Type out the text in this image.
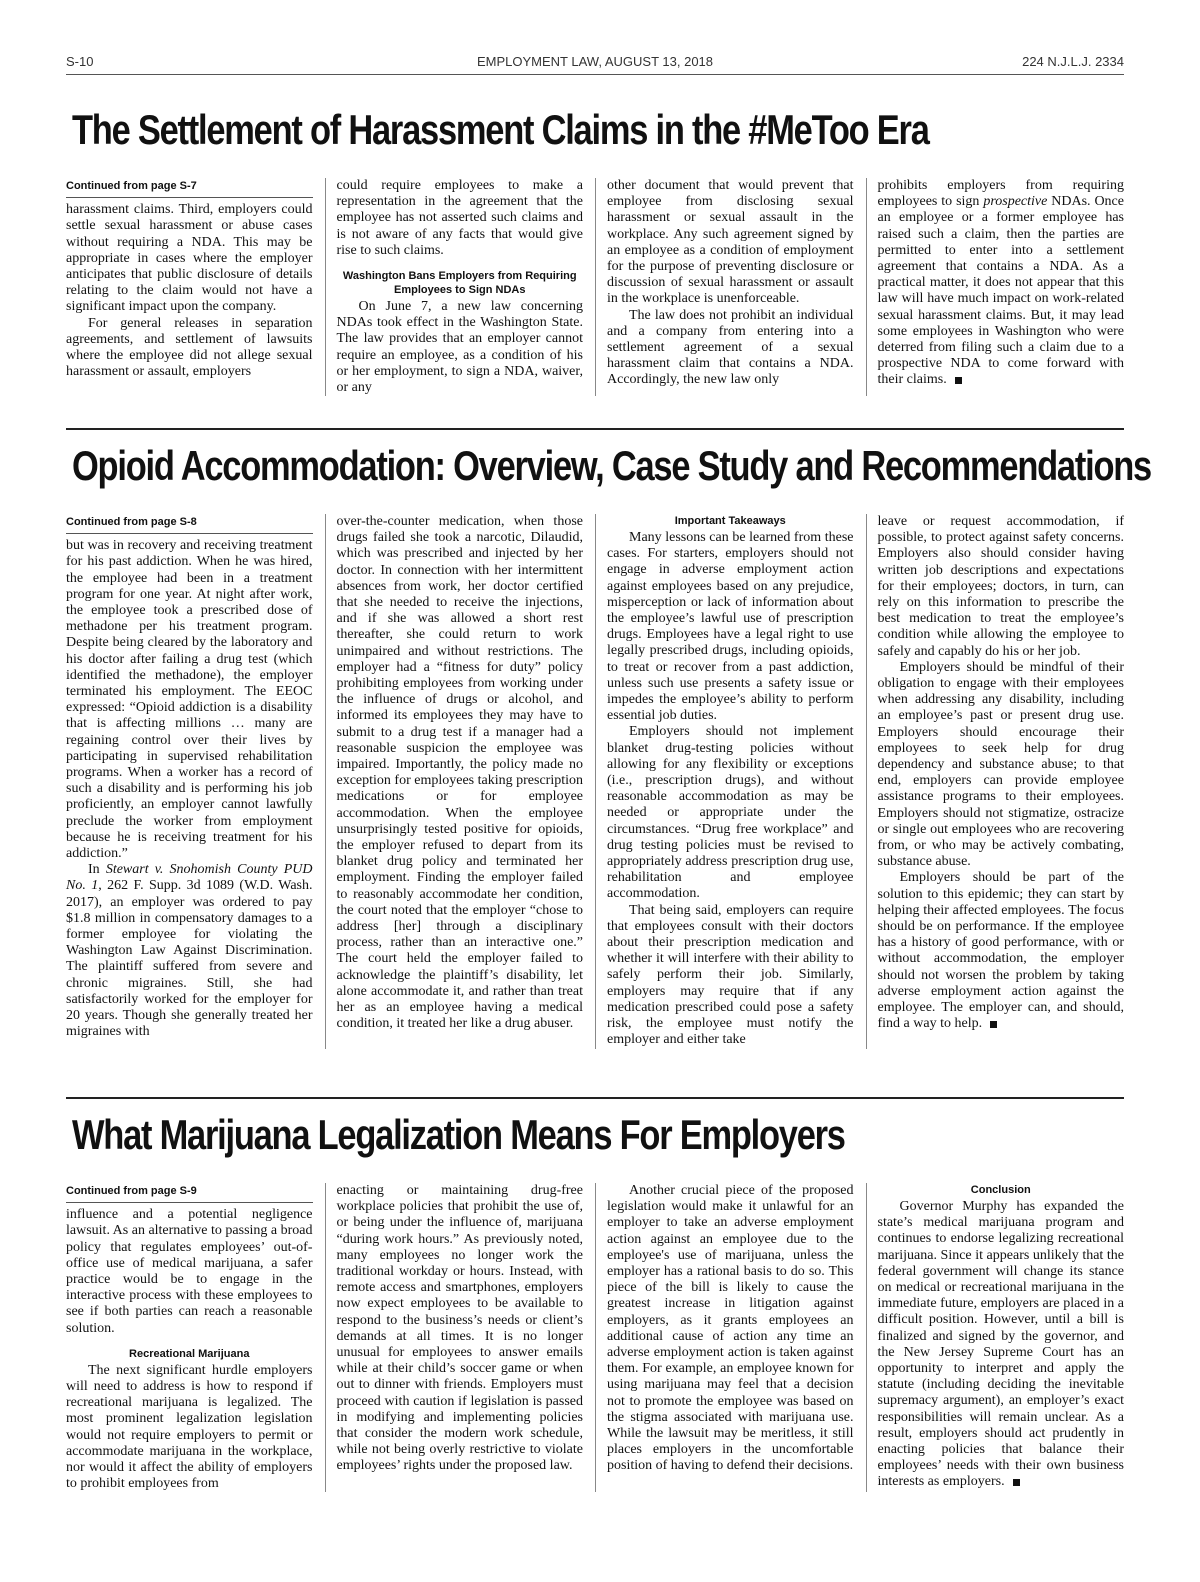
S-10	EMPLOYMENT LAW, AUGUST 13, 2018	224 N.J.L.J. 2334
The Settlement of Harassment Claims in the #MeToo Era
Continued from page S-7

harassment claims. Third, employers could settle sexual harassment or abuse cases without requiring a NDA. This may be appropriate in cases where the employer anticipates that public disclosure of details relating to the claim would not have a significant impact upon the company.

For general releases in separation agreements, and settlement of lawsuits where the employee did not allege sexual harassment or assault, employers

could require employees to make a representation in the agreement that the employee has not asserted such claims and is not aware of any facts that would give rise to such claims.

Washington Bans Employers from Requiring Employees to Sign NDAs

On June 7, a new law concerning NDAs took effect in the Washington State. The law provides that an employer cannot require an employee, as a condition of his or her employment, to sign a NDA, waiver, or any

other document that would prevent that employee from disclosing sexual harassment or sexual assault in the workplace. Any such agreement signed by an employee as a condition of employment for the purpose of preventing disclosure or discussion of sexual harassment or assault in the workplace is unenforceable.

The law does not prohibit an individual and a company from entering into a settlement agreement of a sexual harassment claim that contains a NDA. Accordingly, the new law only

prohibits employers from requiring employees to sign prospective NDAs. Once an employee or a former employee has raised such a claim, then the parties are permitted to enter into a settlement agreement that contains a NDA. As a practical matter, it does not appear that this law will have much impact on work-related sexual harassment claims. But, it may lead some employees in Washington who were deterred from filing such a claim due to a prospective NDA to come forward with their claims.

Opioid Accommodation: Overview, Case Study and Recommendations
Continued from page S-8

but was in recovery and receiving treatment for his past addiction. When he was hired, the employee had been in a treatment program for one year. At night after work, the employee took a prescribed dose of methadone per his treatment program. Despite being cleared by the laboratory and his doctor after failing a drug test (which identified the methadone), the employer terminated his employment. The EEOC expressed: “Opioid addiction is a disability that is affecting millions … many are regaining control over their lives by participating in supervised rehabilitation programs. When a worker has a record of such a disability and is performing his job proficiently, an employer cannot lawfully preclude the worker from employment because he is receiving treatment for his addiction.”

In Stewart v. Snohomish County PUD No. 1, 262 F. Supp. 3d 1089 (W.D. Wash. 2017), an employer was ordered to pay $1.8 million in compensatory damages to a former employee for violating the Washington Law Against Discrimination. The plaintiff suffered from severe and chronic migraines. Still, she had satisfactorily worked for the employer for 20 years. Though she generally treated her migraines with

over-the-counter medication, when those drugs failed she took a narcotic, Dilaudid, which was prescribed and injected by her doctor. In connection with her intermittent absences from work, her doctor certified that she needed to receive the injections, and if she was allowed a short rest thereafter, she could return to work unimpaired and without restrictions. The employer had a “fitness for duty” policy prohibiting employees from working under the influence of drugs or alcohol, and informed its employees they may have to submit to a drug test if a manager had a reasonable suspicion the employee was impaired. Importantly, the policy made no exception for employees taking prescription medications or for employee accommodation. When the employee unsurprisingly tested positive for opioids, the employer refused to depart from its blanket drug policy and terminated her employment. Finding the employer failed to reasonably accommodate her condition, the court noted that the employer “chose to address [her] through a disciplinary process, rather than an interactive one.” The court held the employer failed to acknowledge the plaintiff’s disability, let alone accommodate it, and rather than treat her as an employee having a medical condition, it treated her like a drug abuser.

Important Takeaways

Many lessons can be learned from these cases. For starters, employers should not engage in adverse employment action against employees based on any prejudice, misperception or lack of information about the employee’s lawful use of prescription drugs. Employees have a legal right to use legally prescribed drugs, including opioids, to treat or recover from a past addiction, unless such use presents a safety issue or impedes the employee’s ability to perform essential job duties.

Employers should not implement blanket drug-testing policies without allowing for any flexibility or exceptions (i.e., prescription drugs), and without reasonable accommodation as may be needed or appropriate under the circumstances. “Drug free workplace” and drug testing policies must be revised to appropriately address prescription drug use, rehabilitation and employee accommodation.

That being said, employers can require that employees consult with their doctors about their prescription medication and whether it will interfere with their ability to safely perform their job. Similarly, employers may require that if any medication prescribed could pose a safety risk, the employee must notify the employer and either take

leave or request accommodation, if possible, to protect against safety concerns. Employers also should consider having written job descriptions and expectations for their employees; doctors, in turn, can rely on this information to prescribe the best medication to treat the employee’s condition while allowing the employee to safely and capably do his or her job.

Employers should be mindful of their obligation to engage with their employees when addressing any disability, including an employee’s past or present drug use. Employers should encourage their employees to seek help for drug dependency and substance abuse; to that end, employers can provide employee assistance programs to their employees. Employers should not stigmatize, ostracize or single out employees who are recovering from, or who may be actively combating, substance abuse.

Employers should be part of the solution to this epidemic; they can start by helping their affected employees. The focus should be on performance. If the employee has a history of good performance, with or without accommodation, the employer should not worsen the problem by taking adverse employment action against the employee. The employer can, and should, find a way to help.

What Marijuana Legalization Means For Employers
Continued from page S-9

influence and a potential negligence lawsuit. As an alternative to passing a broad policy that regulates employees’ out-of-office use of medical marijuana, a safer practice would be to engage in the interactive process with these employees to see if both parties can reach a reasonable solution.

Recreational Marijuana

The next significant hurdle employers will need to address is how to respond if recreational marijuana is legalized. The most prominent legalization legislation would not require employers to permit or accommodate marijuana in the workplace, nor would it affect the ability of employers to prohibit employees from

enacting or maintaining drug-free workplace policies that prohibit the use of, or being under the influence of, marijuana “during work hours.” As previously noted, many employees no longer work the traditional workday or hours. Instead, with remote access and smartphones, employers now expect employees to be available to respond to the business’s needs or client’s demands at all times. It is no longer unusual for employees to answer emails while at their child’s soccer game or when out to dinner with friends. Employers must proceed with caution if legislation is passed in modifying and implementing policies that consider the modern work schedule, while not being overly restrictive to violate employees’ rights under the proposed law.

Another crucial piece of the proposed legislation would make it unlawful for an employer to take an adverse employment action against an employee due to the employee's use of marijuana, unless the employer has a rational basis to do so. This piece of the bill is likely to cause the greatest increase in litigation against employers, as it grants employees an additional cause of action any time an adverse employment action is taken against them. For example, an employee known for using marijuana may feel that a decision not to promote the employee was based on the stigma associated with marijuana use. While the lawsuit may be meritless, it still places employers in the uncomfortable position of having to defend their decisions.

Conclusion

Governor Murphy has expanded the state’s medical marijuana program and continues to endorse legalizing recreational marijuana. Since it appears unlikely that the federal government will change its stance on medical or recreational marijuana in the immediate future, employers are placed in a difficult position. However, until a bill is finalized and signed by the governor, and the New Jersey Supreme Court has an opportunity to interpret and apply the statute (including deciding the inevitable supremacy argument), an employer’s exact responsibilities will remain unclear. As a result, employers should act prudently in enacting policies that balance their employees’ needs with their own business interests as employers.
